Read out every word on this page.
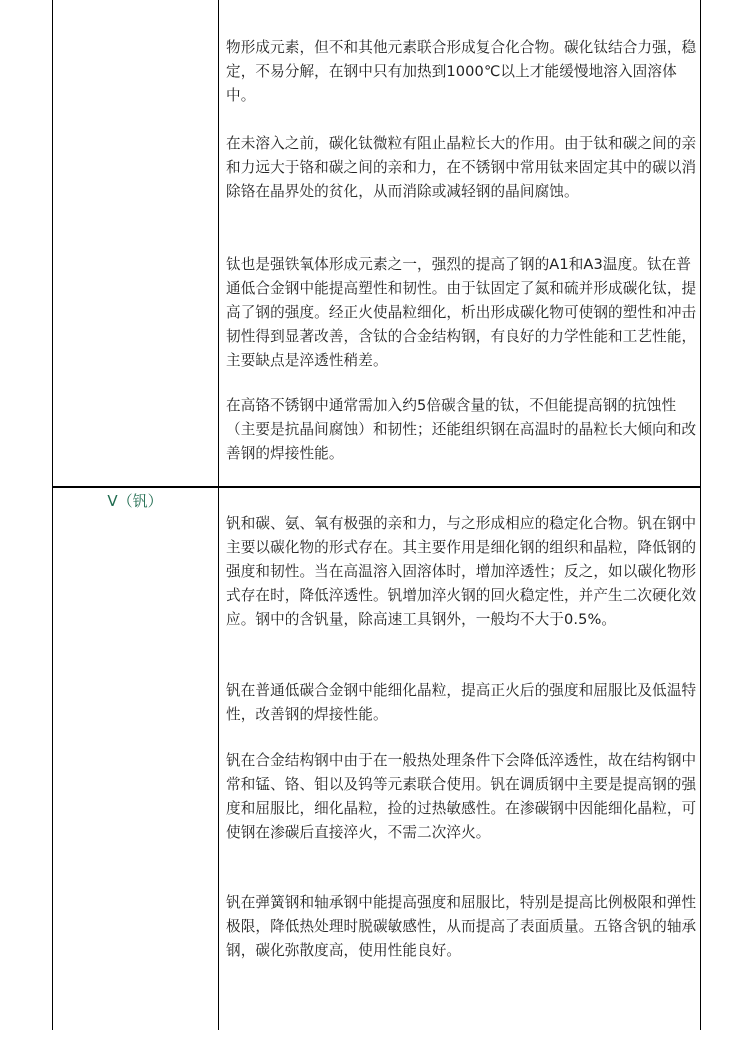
物形成元素，但不和其他元素联合形成复合化合物。碳化钛结合力强，稳定，不易分解，在钢中只有加热到1000℃以上才能缓慢地溶入固溶体中。

在未溶入之前，碳化钛微粒有阻止晶粒长大的作用。由于钛和碳之间的亲和力远大于铬和碳之间的亲和力，在不锈钢中常用钛来固定其中的碳以消除铬在晶界处的贫化，从而消除或减轻钢的晶间腐蚀。

钛也是强铁氧体形成元素之一，强烈的提高了钢的A1和A3温度。钛在普通低合金钢中能提高塑性和韧性。由于钛固定了氮和硫并形成碳化钛，提高了钢的强度。经正火使晶粒细化，析出形成碳化物可使钢的塑性和冲击韧性得到显著改善，含钛的合金结构钢，有良好的力学性能和工艺性能，主要缺点是淬透性稍差。

在高铬不锈钢中通常需加入约5倍碳含量的钛，不但能提高钢的抗蚀性（主要是抗晶间腐蚀）和韧性；还能组织钢在高温时的晶粒长大倾向和改善钢的焊接性能。

V（钒）

钒和碳、氨、氧有极强的亲和力，与之形成相应的稳定化合物。钒在钢中主要以碳化物的形式存在。其主要作用是细化钢的组织和晶粒，降低钢的强度和韧性。当在高温溶入固溶体时，增加淬透性；反之，如以碳化物形式存在时，降低淬透性。钒增加淬火钢的回火稳定性，并产生二次硬化效应。钢中的含钒量，除高速工具钢外，一般均不大于0.5%。

钒在普通低碳合金钢中能细化晶粒，提高正火后的强度和屈服比及低温特性，改善钢的焊接性能。

钒在合金结构钢中由于在一般热处理条件下会降低淬透性，故在结构钢中常和锰、铬、钼以及钨等元素联合使用。钒在调质钢中主要是提高钢的强度和屈服比，细化晶粒，捡的过热敏感性。在渗碳钢中因能细化晶粒，可使钢在渗碳后直接淬火，不需二次淬火。

钒在弹簧钢和轴承钢中能提高强度和屈服比，特别是提高比例极限和弹性极限，降低热处理时脱碳敏感性，从而提高了表面质量。五铬含钒的轴承钢，碳化弥散度高，使用性能良好。
